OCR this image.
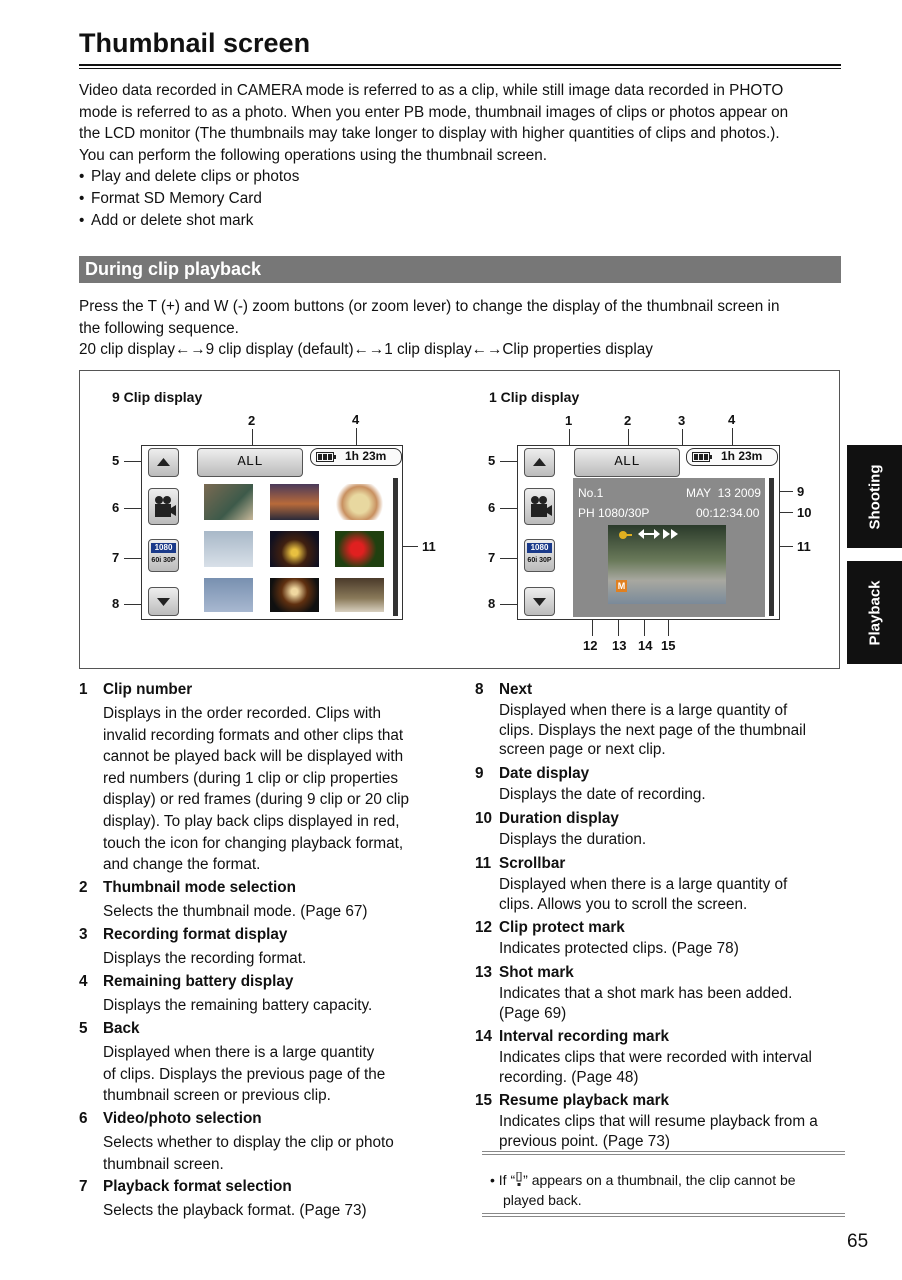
Thumbnail screen

Video data recorded in CAMERA mode is referred to as a clip, while still image data recorded in PHOTO

mode is referred to as a photo. When you enter PB mode, thumbnail images of clips or photos appear on

the LCD monitor (The thumbnails may take longer to display with higher quantities of clips and photos.).

You can perform the following operations using the thumbnail screen.

• Play and delete clips or photos

• Format SD Memory Card

• Add or delete shot mark

During clip playback

Press the T (+) and W (-) zoom buttons (or zoom lever) to change the display of the thumbnail screen in

the following sequence.

20 clip display←→9 clip display (default)←→1 clip display←→Clip properties display

9 Clip display	1 Clip display
2	4
5
6
7
8
11
ALL	1h 23m
1080
60i 30P
1	2	3	4
5
6
7
8
9
10
11
12 13 14 15
ALL	1h 23m
1080
60i 30P
No.1	MAY  13 2009
PH 1080/30P	00:12:34.00
M
1 Clip number
Displays in the order recorded. Clips with
invalid recording formats and other clips that
cannot be played back will be displayed with
red numbers (during 1 clip or clip properties
display) or red frames (during 9 clip or 20 clip
display). To play back clips displayed in red,
touch the icon for changing playback format,
and change the format.
2 Thumbnail mode selection
Selects the thumbnail mode. (Page 67)
3 Recording format display
Displays the recording format.
4 Remaining battery display
Displays the remaining battery capacity.
5 Back
Displayed when there is a large quantity
of clips. Displays the previous page of the
thumbnail screen or previous clip.
6 Video/photo selection
Selects whether to display the clip or photo
thumbnail screen.
7 Playback format selection
Selects the playback format. (Page 73)
8 Next
Displayed when there is a large quantity of
clips. Displays the next page of the thumbnail
screen page or next clip.
9 Date display
Displays the date of recording.
10 Duration display
Displays the duration.
11 Scrollbar
Displayed when there is a large quantity of
clips. Allows you to scroll the screen.
12 Clip protect mark
Indicates protected clips. (Page 78)
13 Shot mark
Indicates that a shot mark has been added.
(Page 69)
14 Interval recording mark
Indicates clips that were recorded with interval
recording. (Page 48)
15 Resume playback mark
Indicates clips that will resume playback from a
previous point. (Page 73)
• If “ ” appears on a thumbnail, the clip cannot be
played back.
Shooting
Playback
65
